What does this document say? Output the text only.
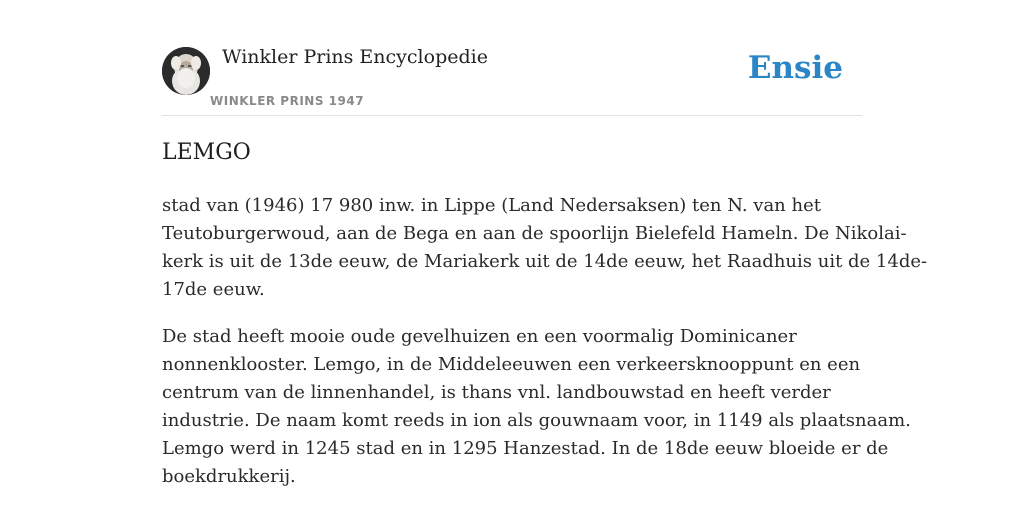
Winkler Prins Encyclopedie
WINKLER PRINS 1947
Ensie
LEMGO

stad van (1946) 17 980 inw. in Lippe (Land Nedersaksen) ten N. van het
Teutoburgerwoud, aan de Bega en aan de spoorlijn Bielefeld Hameln. De Nikolai-
kerk is uit de 13de eeuw, de Mariakerk uit de 14de eeuw, het Raadhuis uit de 14de-
17de eeuw.

De stad heeft mooie oude gevelhuizen en een voormalig Dominicaner
nonnenklooster. Lemgo, in de Middeleeuwen een verkeersknooppunt en een
centrum van de linnenhandel, is thans vnl. landbouwstad en heeft verder
industrie. De naam komt reeds in ion als gouwnaam voor, in 1149 als plaatsnaam.
Lemgo werd in 1245 stad en in 1295 Hanzestad. In de 18de eeuw bloeide er de
boekdrukkerij.
